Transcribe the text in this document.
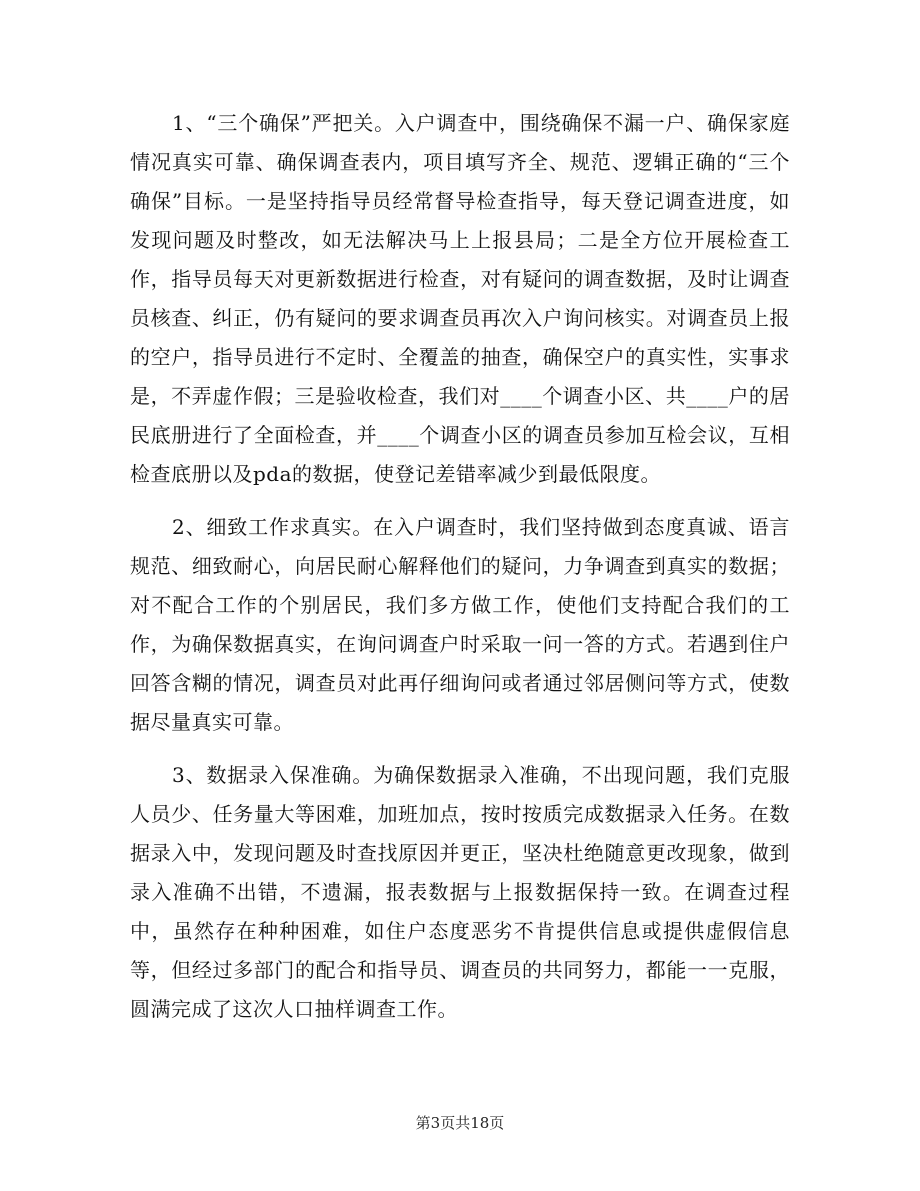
1、“三个确保”严把关。入户调查中，围绕确保不漏一户、确保家庭情况真实可靠、确保调查表内，项目填写齐全、规范、逻辑正确的“三个确保”目标。一是坚持指导员经常督导检查指导，每天登记调查进度，如发现问题及时整改，如无法解决马上上报县局；二是全方位开展检查工作，指导员每天对更新数据进行检查，对有疑问的调查数据，及时让调查员核查、纠正，仍有疑问的要求调查员再次入户询问核实。对调查员上报的空户，指导员进行不定时、全覆盖的抽查，确保空户的真实性，实事求是，不弄虚作假；三是验收检查，我们对____个调查小区、共____户的居民底册进行了全面检查，并____个调查小区的调查员参加互检会议，互相检查底册以及pda的数据，使登记差错率减少到最低限度。

2、细致工作求真实。在入户调查时，我们坚持做到态度真诚、语言规范、细致耐心，向居民耐心解释他们的疑问，力争调查到真实的数据；对不配合工作的个别居民，我们多方做工作，使他们支持配合我们的工作，为确保数据真实，在询问调查户时采取一问一答的方式。若遇到住户回答含糊的情况，调查员对此再仔细询问或者通过邻居侧问等方式，使数据尽量真实可靠。

3、数据录入保准确。为确保数据录入准确，不出现问题，我们克服人员少、任务量大等困难，加班加点，按时按质完成数据录入任务。在数据录入中，发现问题及时查找原因并更正，坚决杜绝随意更改现象，做到录入准确不出错，不遗漏，报表数据与上报数据保持一致。在调查过程中，虽然存在种种困难，如住户态度恶劣不肯提供信息或提供虚假信息等，但经过多部门的配合和指导员、调查员的共同努力，都能一一克服，圆满完成了这次人口抽样调查工作。

第3页共18页
